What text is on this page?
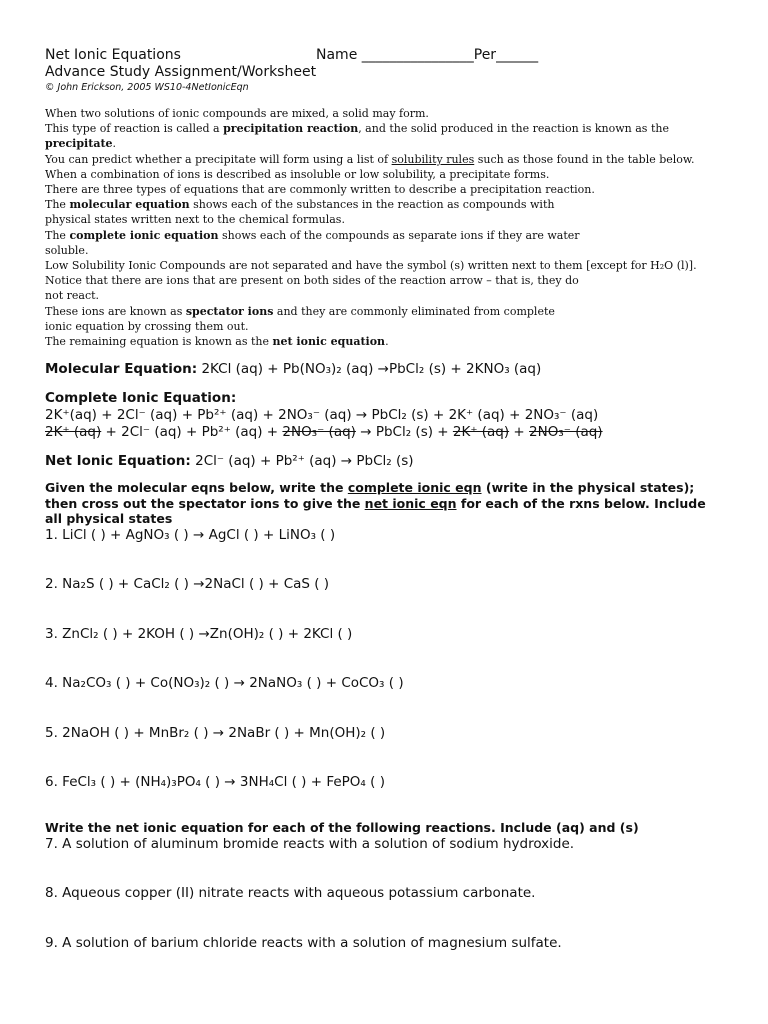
Net Ionic Equations	Name ________________Per______
Advance Study Assignment/Worksheet
© John Erickson, 2005 WS10-4NetIonicEqn

When two solutions of ionic compounds are mixed, a solid may form.

This type of reaction is called a precipitation reaction, and the solid produced in the reaction is known as the precipitate.

You can predict whether a precipitate will form using a list of solubility rules such as those found in the table below. When a combination of ions is described as insoluble or low solubility, a precipitate forms.

There are three types of equations that are commonly written to describe a precipitation reaction.

The molecular equation shows each of the substances in the reaction as compounds with

physical states written next to the chemical formulas.

The complete ionic equation shows each of the compounds as separate ions if they are water

soluble.

Low Solubility Ionic Compounds are not separated and have the symbol (s) written next to them [except for H₂O (l)].

Notice that there are ions that are present on both sides of the reaction arrow – that is, they do

not react.

These ions are known as spectator ions and they are commonly eliminated from complete

ionic equation by crossing them out.

The remaining equation is known as the net ionic equation.

Molecular Equation: 2KCl (aq) + Pb(NO₃)₂ (aq) →PbCl₂ (s) + 2KNO₃ (aq)
Complete Ionic Equation:
2K⁺(aq) + 2Cl⁻ (aq) + Pb²⁺ (aq) + 2NO₃⁻ (aq) → PbCl₂ (s) + 2K⁺ (aq) + 2NO₃⁻ (aq)
2K⁺ (aq) + 2Cl⁻ (aq) + Pb²⁺ (aq) + 2NO₃⁻ (aq) → PbCl₂ (s) + 2K⁺ (aq) + 2NO₃⁻ (aq)
Net Ionic Equation: 2Cl⁻ (aq) + Pb²⁺ (aq) → PbCl₂ (s)
Given the molecular eqns below, write the complete ionic eqn (write in the physical states); then cross out the spectator ions to give the net ionic eqn for each of the rxns below. Include all physical states
1. LiCl ( ) + AgNO₃ ( ) → AgCl ( ) + LiNO₃ ( )
2. Na₂S ( ) + CaCl₂ ( ) →2NaCl ( ) + CaS ( )
3. ZnCl₂ ( ) + 2KOH ( ) →Zn(OH)₂ ( ) + 2KCl ( )
4. Na₂CO₃ ( ) + Co(NO₃)₂ ( ) → 2NaNO₃ ( ) + CoCO₃ ( )
5. 2NaOH ( ) + MnBr₂ ( ) → 2NaBr ( ) + Mn(OH)₂ ( )
6. FeCl₃ ( ) + (NH₄)₃PO₄ ( ) → 3NH₄Cl ( ) + FePO₄ ( )
Write the net ionic equation for each of the following reactions. Include (aq) and (s)
7. A solution of aluminum bromide reacts with a solution of sodium hydroxide.
8. Aqueous copper (II) nitrate reacts with aqueous potassium carbonate.
9. A solution of barium chloride reacts with a solution of magnesium sulfate.
